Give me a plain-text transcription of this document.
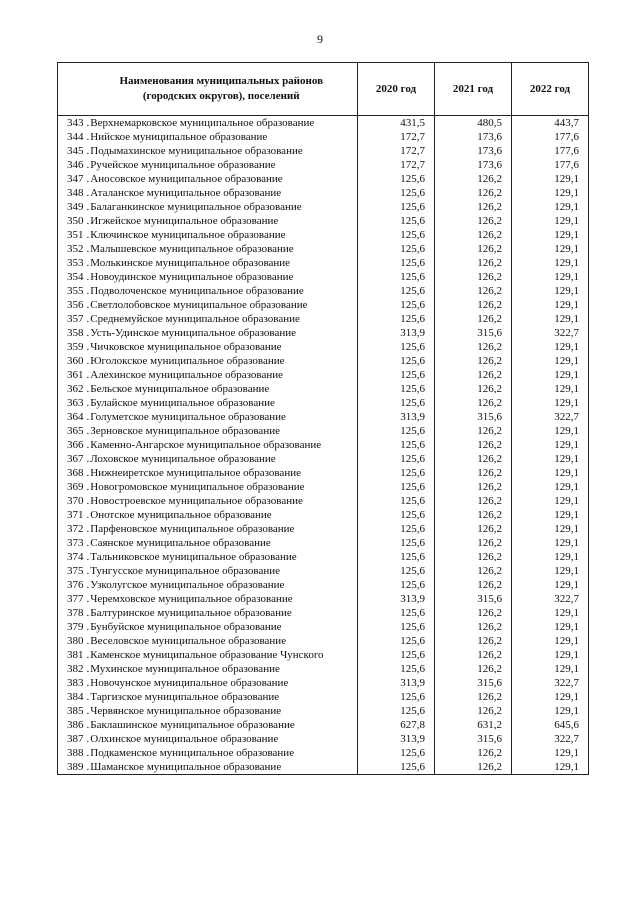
9

	Наименования муниципальных районов
(городских округов), поселений	2020 год	2021 год	2022 год
343	. Верхнемарковское муниципальное образование	431,5	480,5	443,7
344	. Нийское муниципальное образование	172,7	173,6	177,6
345	. Подымахинское муниципальное образование	172,7	173,6	177,6
346	. Ручейское муниципальное образование	172,7	173,6	177,6
347	. Аносовское муниципальное образование	125,6	126,2	129,1
348	. Аталанское муниципальное образование	125,6	126,2	129,1
349	. Балаганкинское муниципальное образование	125,6	126,2	129,1
350	. Игжейское муниципальное образование	125,6	126,2	129,1
351	. Ключинское муниципальное образование	125,6	126,2	129,1
352	. Малышевское муниципальное образование	125,6	126,2	129,1
353	. Молькинское муниципальное образование	125,6	126,2	129,1
354	. Новоудинское муниципальное образование	125,6	126,2	129,1
355	. Подволоченское муниципальное образование	125,6	126,2	129,1
356	. Светлолобовское муниципальное образование	125,6	126,2	129,1
357	. Среднемуйское муниципальное образование	125,6	126,2	129,1
358	. Усть-Удинское муниципальное образование	313,9	315,6	322,7
359	. Чичковское муниципальное образование	125,6	126,2	129,1
360	. Юголокское муниципальное образование	125,6	126,2	129,1
361	. Алехинское муниципальное образование	125,6	126,2	129,1
362	. Бельское муниципальное образование	125,6	126,2	129,1
363	. Булайское муниципальное образование	125,6	126,2	129,1
364	. Голуметское муниципальное образование	313,9	315,6	322,7
365	. Зерновское муниципальное образование	125,6	126,2	129,1
366	. Каменно-Ангарское муниципальное образование	125,6	126,2	129,1
367	. Лоховское муниципальное образование	125,6	126,2	129,1
368	. Нижнеиретское муниципальное образование	125,6	126,2	129,1
369	. Новогромовское муниципальное образование	125,6	126,2	129,1
370	. Новостроевское муниципальное образование	125,6	126,2	129,1
371	. Онотское муниципальное образование	125,6	126,2	129,1
372	. Парфеновское муниципальное образование	125,6	126,2	129,1
373	. Саянское муниципальное образование	125,6	126,2	129,1
374	. Тальниковское муниципальное образование	125,6	126,2	129,1
375	. Тунгусское муниципальное образование	125,6	126,2	129,1
376	. Узколугское муниципальное образование	125,6	126,2	129,1
377	. Черемховское муниципальное образование	313,9	315,6	322,7
378	. Балтуринское муниципальное образование	125,6	126,2	129,1
379	. Бунбуйское муниципальное образование	125,6	126,2	129,1
380	. Веселовское муниципальное образование	125,6	126,2	129,1
381	. Каменское муниципальное образование Чунского	125,6	126,2	129,1
382	. Мухинское муниципальное образование	125,6	126,2	129,1
383	. Новочунское муниципальное образование	313,9	315,6	322,7
384	. Таргизское муниципальное образование	125,6	126,2	129,1
385	. Червянское муниципальное образование	125,6	126,2	129,1
386	. Баклашинское муниципальное образование	627,8	631,2	645,6
387	. Олхинское муниципальное образование	313,9	315,6	322,7
388	. Подкаменское муниципальное образование	125,6	126,2	129,1
389	. Шаманское муниципальное образование	125,6	126,2	129,1
